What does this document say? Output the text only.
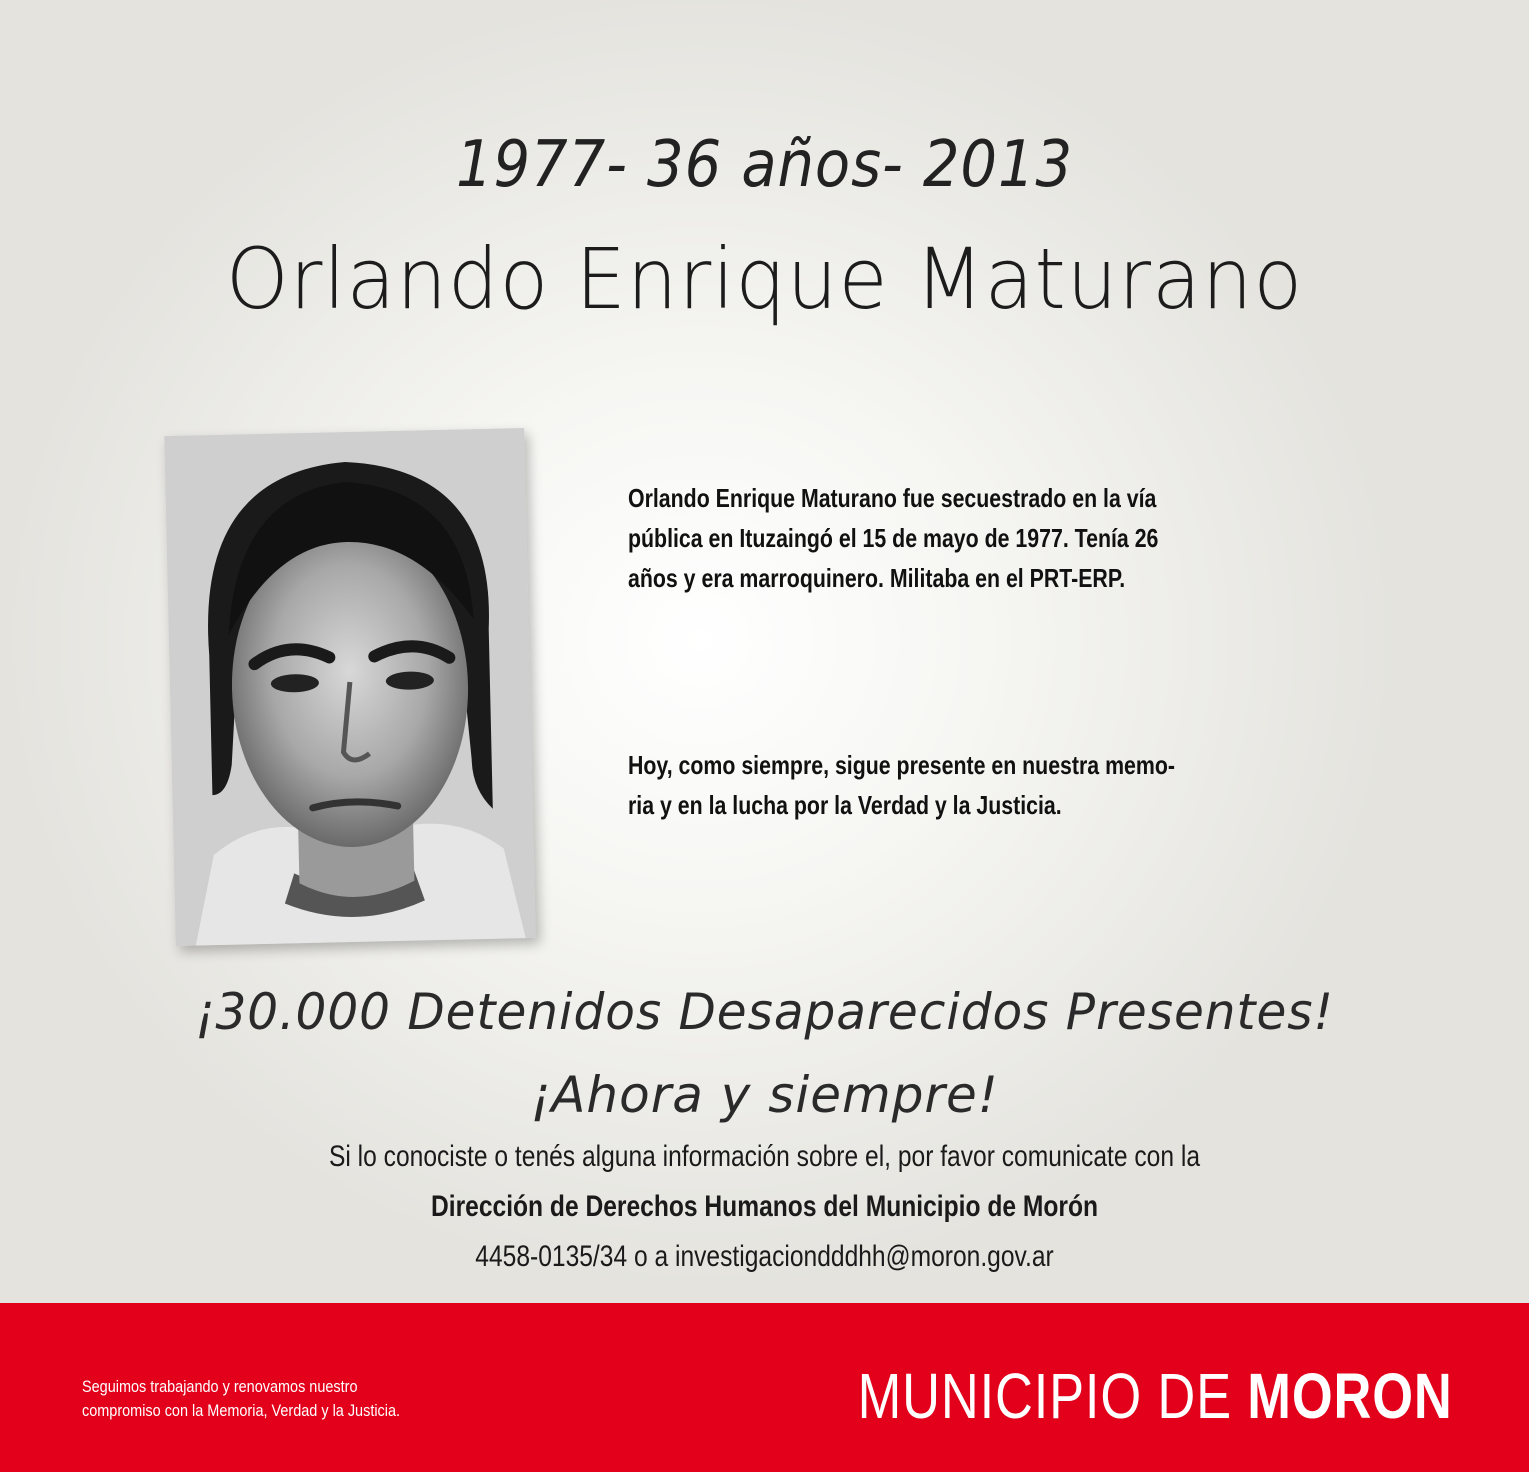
1977- 36 años- 2013
Orlando Enrique Maturano

Orlando Enrique Maturano fue secuestrado en la vía

pública en Ituzaingó el 15 de mayo de 1977. Tenía 26

años y era marroquinero. Militaba en el PRT-ERP.

Hoy, como siempre, sigue presente en nuestra memo-

ria y en la lucha por la Verdad y la Justicia.

¡30.000 Detenidos Desaparecidos Presentes!
¡Ahora y siempre!
Si lo conociste o tenés alguna información sobre el, por favor comunicate con la
Dirección de Derechos Humanos del Municipio de Morón
4458-0135/34 o a investigaciondddhh@moron.gov.ar
Seguimos trabajando y renovamos nuestro
compromiso con la Memoria, Verdad y la Justicia.	MUNICIPIO DE MORON
